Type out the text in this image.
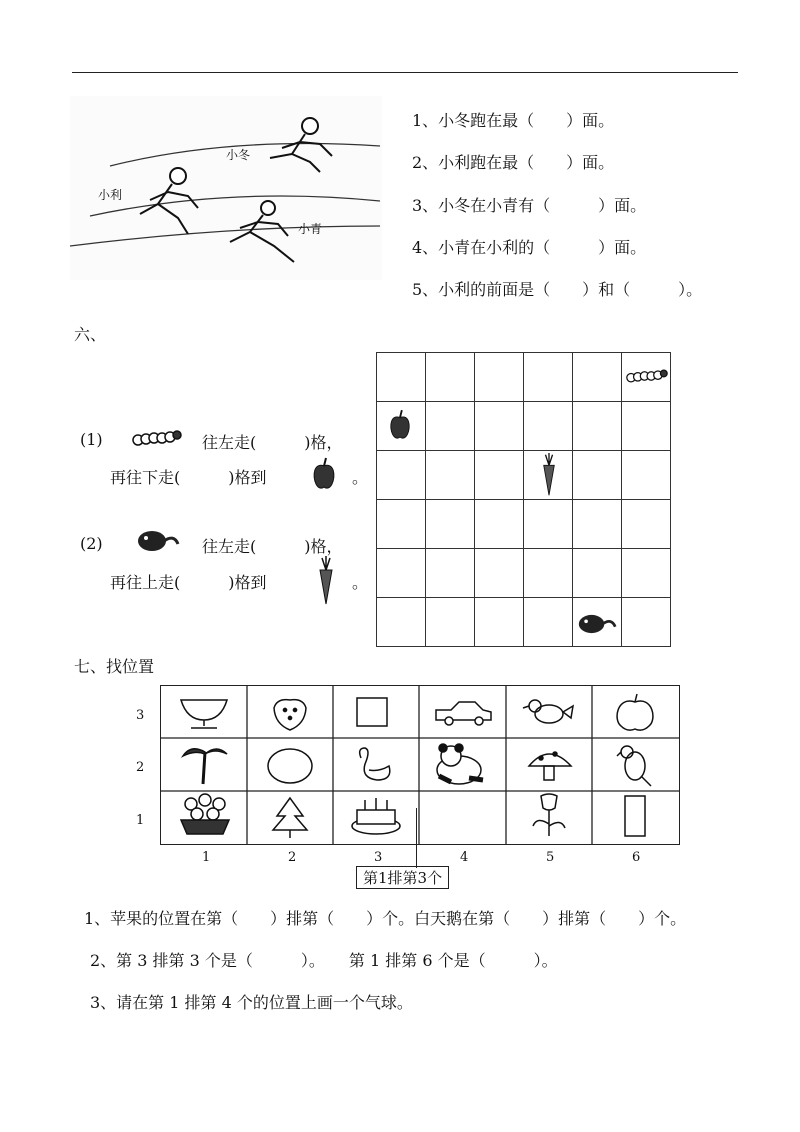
小冬
小利
小青
1、小冬跑在最（　　）面。
2、小利跑在最（　　）面。
3、小冬在小青有（　　　）面。
4、小青在小利的（　　　）面。
5、小利的前面是（　　）和（　　　）。
六、
(1)	往左走(　　　)格，
再往下走(　　　)格到	。
(2)	往左走(　　　)格，
再往上走(　　　)格到	。

七、找位置
3
2
1
1	2	3	4	5	6
第1排第3个
1、苹果的位置在第（　　）排第（　　）个。白天鹅在第（　　）排第（　　）个。
2、第 3 排第 3 个是（　　　）。　　第 1 排第 6 个是（　　　）。
3、请在第 1 排第 4 个的位置上画一个气球。
